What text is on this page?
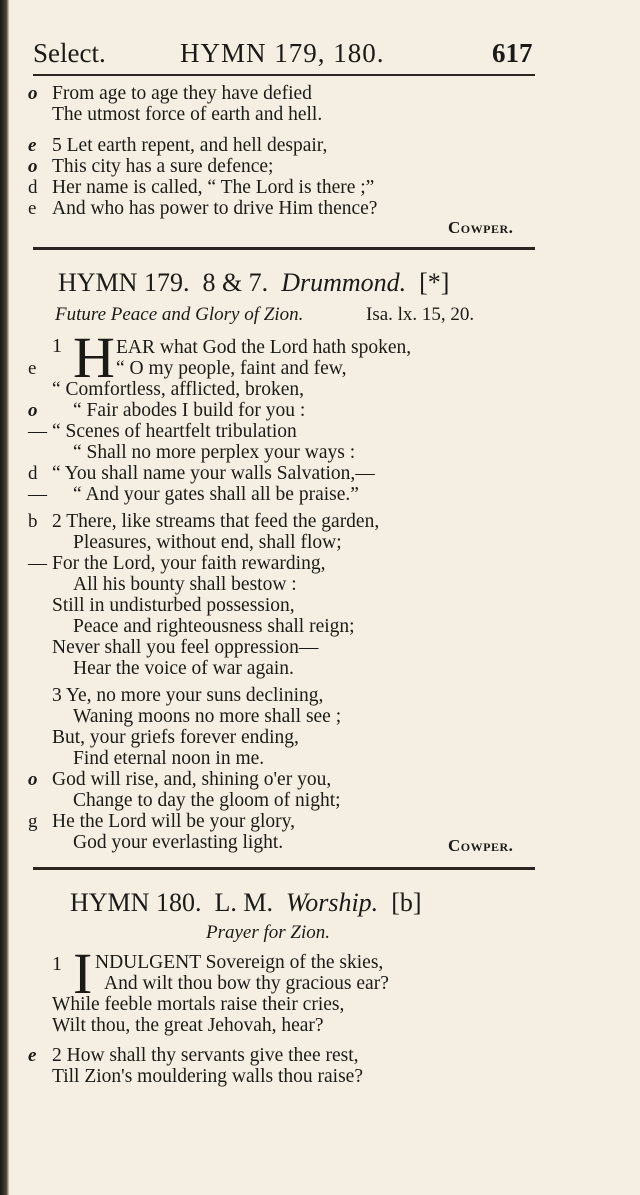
Select.	HYMN 179, 180.	617
o From age to age they have defied
The utmost force of earth and hell.
e 5 Let earth repent, and hell despair,
o This city has a sure defence;
d Her name is called, “ The Lord is there ;”
e And who has power to drive Him thence?
Cowper.
HYMN 179. 8 & 7. Drummond. [*]
Future Peace and Glory of Zion.	Isa. lx. 15, 20.
1 H EAR what God the Lord hath spoken,
e	“ O my people, faint and few,
“ Comfortless, afflicted, broken,
o	“ Fair abodes I build for you :
— “ Scenes of heartfelt tribulation
“ Shall no more perplex your ways :
d “ You shall name your walls Salvation,—
— “ And your gates shall all be praise.”
b 2 There, like streams that feed the garden,
Pleasures, without end, shall flow;
— For the Lord, your faith rewarding,
All his bounty shall bestow :
Still in undisturbed possession,
Peace and righteousness shall reign;
Never shall you feel oppression—
Hear the voice of war again.
3 Ye, no more your suns declining,
Waning moons no more shall see ;
But, your griefs forever ending,
Find eternal noon in me.
o God will rise, and, shining o'er you,
Change to day the gloom of night;
g He the Lord will be your glory,
God your everlasting light.	Cowper.
HYMN 180. L. M. Worship. [b]
Prayer for Zion.
1 I NDULGENT Sovereign of the skies,
And wilt thou bow thy gracious ear?
While feeble mortals raise their cries,
Wilt thou, the great Jehovah, hear?
e 2 How shall thy servants give thee rest,
Till Zion's mouldering walls thou raise?
